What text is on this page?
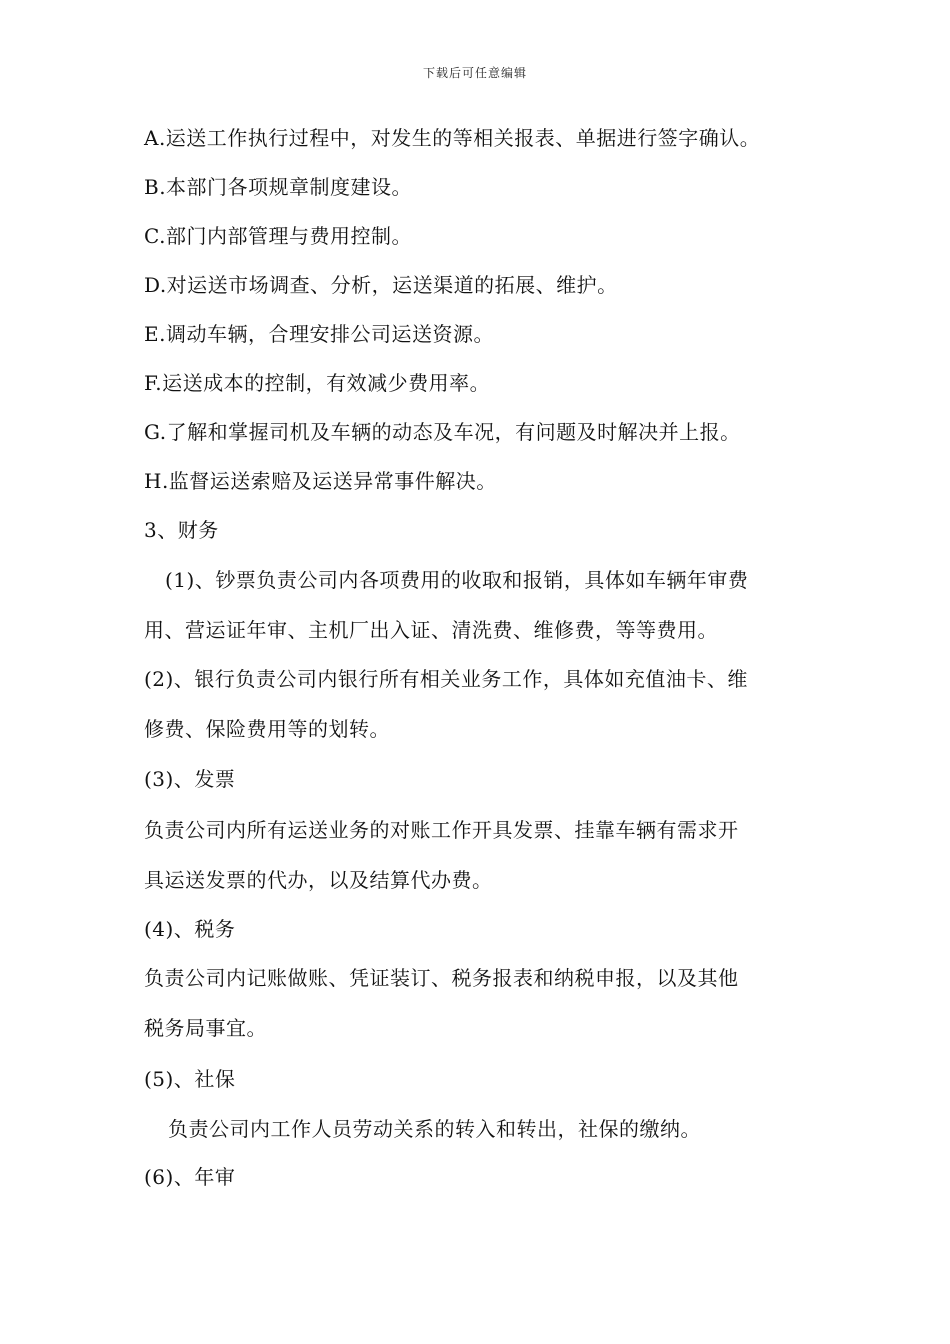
下载后可任意编辑
A.运送工作执行过程中，对发生的等相关报表、单据进行签字确认。
B.本部门各项规章制度建设。
C.部门内部管理与费用控制。
D.对运送市场调查、分析，运送渠道的拓展、维护。
E.调动车辆，合理安排公司运送资源。
F.运送成本的控制，有效减少费用率。
G.了解和掌握司机及车辆的动态及车况，有问题及时解决并上报。
H.监督运送索赔及运送异常事件解决。
3、财务
(1)、钞票负责公司内各项费用的收取和报销，具体如车辆年审费
用、营运证年审、主机厂出入证、清洗费、维修费，等等费用。
(2)、银行负责公司内银行所有相关业务工作，具体如充值油卡、维
修费、保险费用等的划转。
(3)、发票
负责公司内所有运送业务的对账工作开具发票、挂靠车辆有需求开
具运送发票的代办，以及结算代办费。
(4)、税务
负责公司内记账做账、凭证装订、税务报表和纳税申报，以及其他
税务局事宜。
(5)、社保
负责公司内工作人员劳动关系的转入和转出，社保的缴纳。
(6)、年审
